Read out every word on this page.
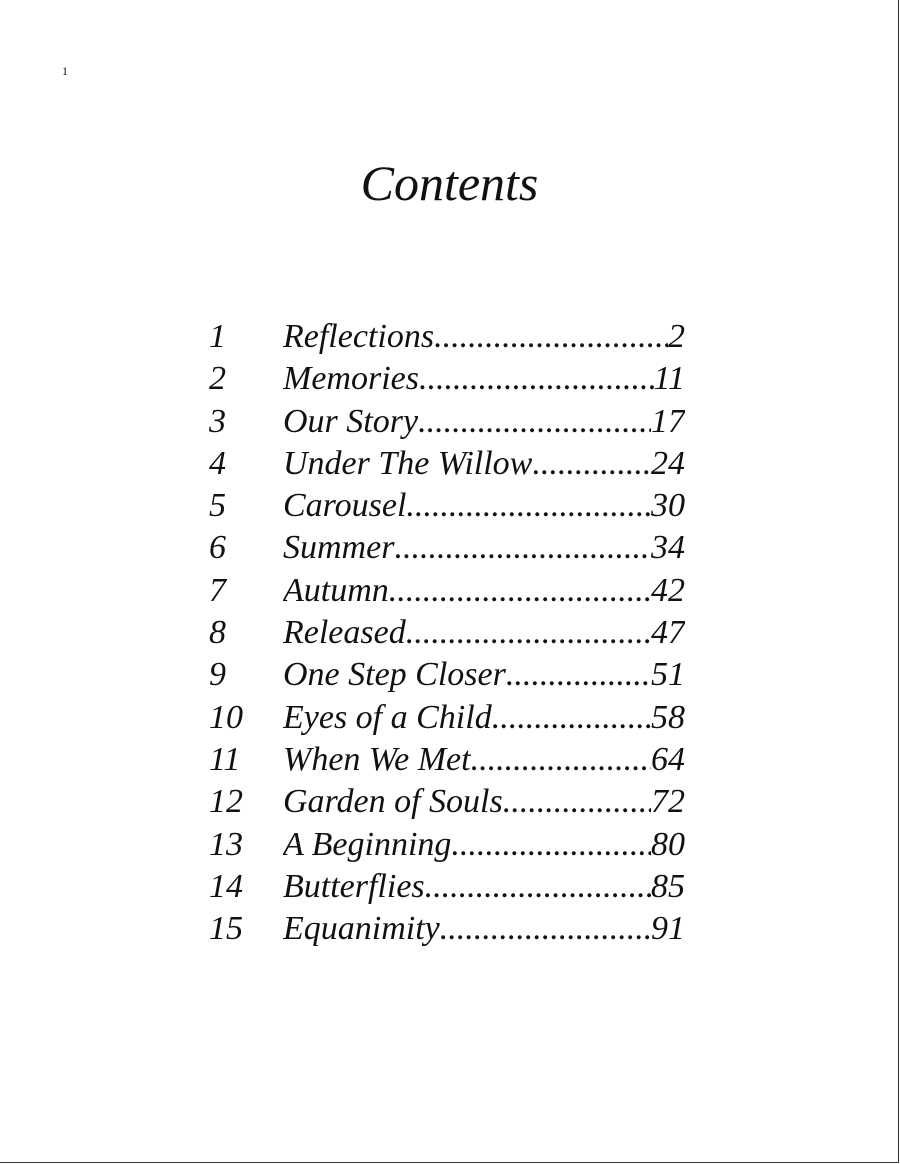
1
Contents
1	Reflections .....	2
2	Memories .....	11
3	Our Story .....	17
4	Under The Willow .....	24
5	Carousel .....	30
6	Summer .....	34
7	Autumn .....	42
8	Released .....	47
9	One Step Closer .....	51
10	Eyes of a Child .....	58
11	When We Met .....	64
12	Garden of Souls .....	72
13	A Beginning .....	80
14	Butterflies .....	85
15	Equanimity .....	91
